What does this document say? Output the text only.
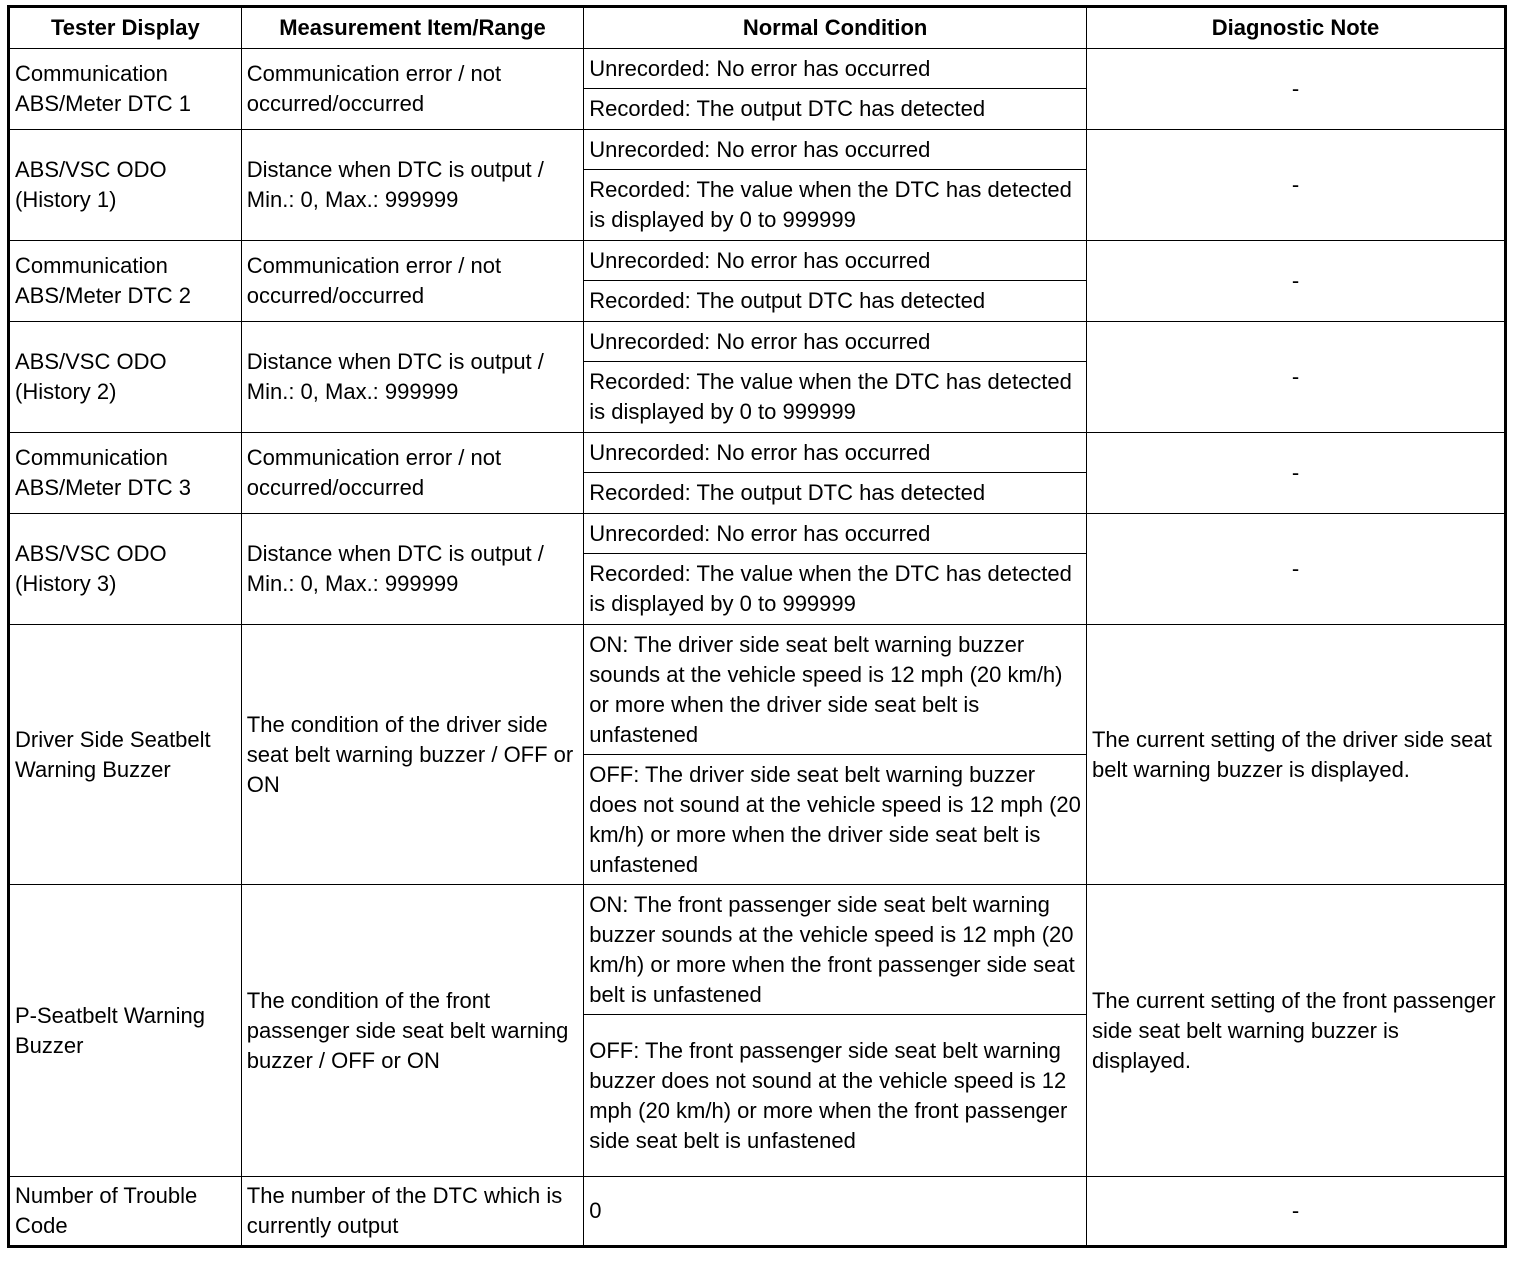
Tester Display	Measurement Item/Range	Normal Condition	Diagnostic Note
Communication ABS/Meter DTC 1	Communication error / not occurred/occurred	Unrecorded: No error has occurred	-
		Recorded: The output DTC has detected	
ABS/VSC ODO (History 1)	Distance when DTC is output / Min.: 0, Max.: 999999	Unrecorded: No error has occurred	-
		Recorded: The value when the DTC has detected is displayed by 0 to 999999	
Communication ABS/Meter DTC 2	Communication error / not occurred/occurred	Unrecorded: No error has occurred	-
		Recorded: The output DTC has detected	
ABS/VSC ODO (History 2)	Distance when DTC is output / Min.: 0, Max.: 999999	Unrecorded: No error has occurred	-
		Recorded: The value when the DTC has detected is displayed by 0 to 999999	
Communication ABS/Meter DTC 3	Communication error / not occurred/occurred	Unrecorded: No error has occurred	-
		Recorded: The output DTC has detected	
ABS/VSC ODO (History 3)	Distance when DTC is output / Min.: 0, Max.: 999999	Unrecorded: No error has occurred	-
		Recorded: The value when the DTC has detected is displayed by 0 to 999999	
Driver Side Seatbelt Warning Buzzer	The condition of the driver side seat belt warning buzzer / OFF or ON	ON: The driver side seat belt warning buzzer sounds at the vehicle speed is 12 mph (20 km/h) or more when the driver side seat belt is unfastened	The current setting of the driver side seat belt warning buzzer is displayed.
		OFF: The driver side seat belt warning buzzer does not sound at the vehicle speed is 12 mph (20 km/h) or more when the driver side seat belt is unfastened	
P-Seatbelt Warning Buzzer	The condition of the front passenger side seat belt warning buzzer / OFF or ON	ON: The front passenger side seat belt warning buzzer sounds at the vehicle speed is 12 mph (20 km/h) or more when the front passenger side seat belt is unfastened	The current setting of the front passenger side seat belt warning buzzer is displayed.
		OFF: The front passenger side seat belt warning buzzer does not sound at the vehicle speed is 12 mph (20 km/h) or more when the front passenger side seat belt is unfastened	
Number of Trouble Code	The number of the DTC which is currently output	0	-
